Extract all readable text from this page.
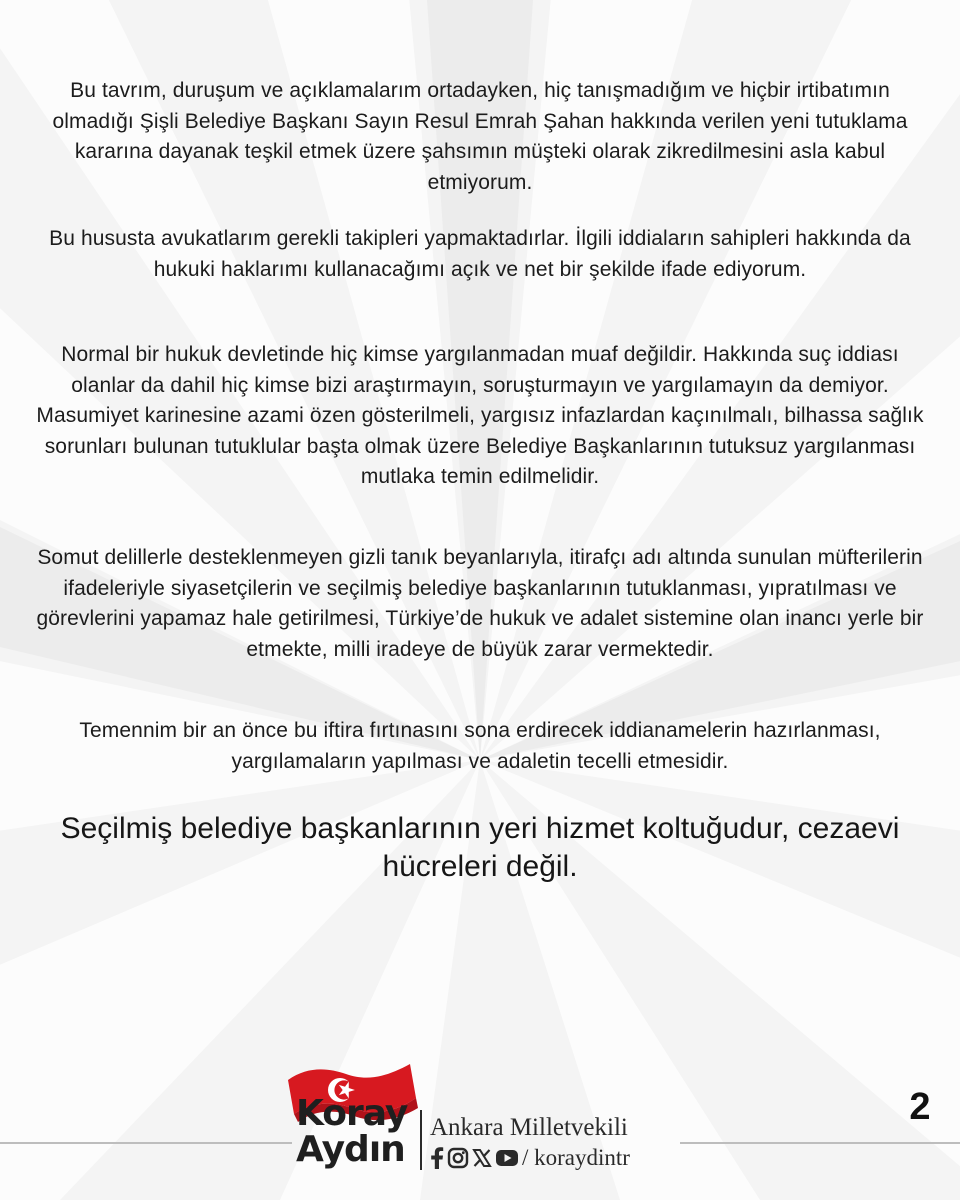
Bu tavrım, duruşum ve açıklamalarım ortadayken, hiç tanışmadığım ve hiçbir irtibatımın olmadığı Şişli Belediye Başkanı Sayın Resul Emrah Şahan hakkında verilen yeni tutuklama kararına dayanak teşkil etmek üzere şahsımın müşteki olarak zikredilmesini asla kabul etmiyorum.

Bu hususta avukatlarım gerekli takipleri yapmaktadırlar. İlgili iddiaların sahipleri hakkında da hukuki haklarımı kullanacağımı açık ve net bir şekilde ifade ediyorum.

Normal bir hukuk devletinde hiç kimse yargılanmadan muaf değildir. Hakkında suç iddiası olanlar da dahil hiç kimse bizi araştırmayın, soruşturmayın ve yargılamayın da demiyor. Masumiyet karinesine azami özen gösterilmeli, yargısız infazlardan kaçınılmalı, bilhassa sağlık sorunları bulunan tutuklular başta olmak üzere Belediye Başkanlarının tutuksuz yargılanması mutlaka temin edilmelidir.

Somut delillerle desteklenmeyen gizli tanık beyanlarıyla, itirafçı adı altında sunulan müfterilerin ifadeleriyle siyasetçilerin ve seçilmiş belediye başkanlarının tutuklanması, yıpratılması ve görevlerini yapamaz hale getirilmesi, Türkiye’de hukuk ve adalet sistemine olan inancı yerle bir etmekte, milli iradeye de büyük zarar vermektedir.

Temennim bir an önce bu iftira fırtınasını sona erdirecek iddianamelerin hazırlanması, yargılamaların yapılması ve adaletin tecelli etmesidir.

Seçilmiş belediye başkanlarının yeri hizmet koltuğudur, cezaevi hücreleri değil.

Koray
Aydın
Ankara Milletvekili
/ koraydintr
2
